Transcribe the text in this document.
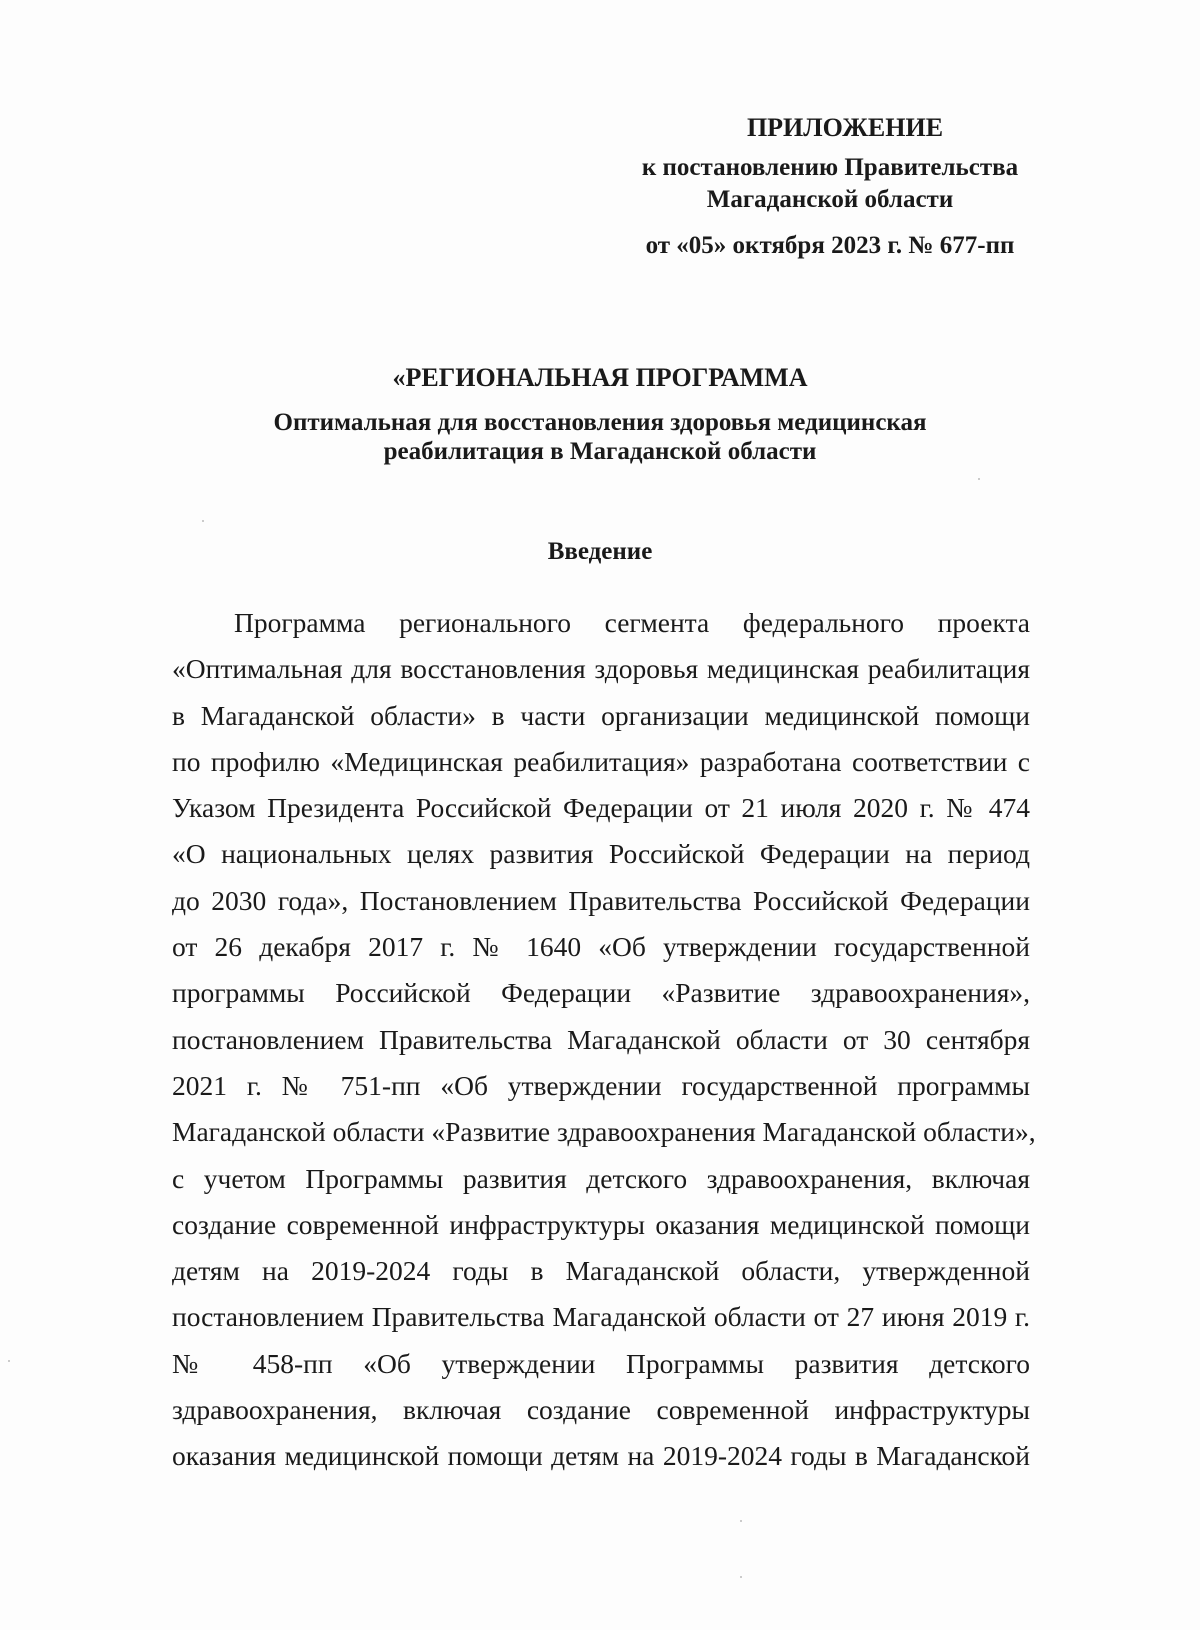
ПРИЛОЖЕНИЕ
к постановлению Правительства
Магаданской области
от «05» октября 2023 г. № 677-пп
«РЕГИОНАЛЬНАЯ ПРОГРАММА
Оптимальная для восстановления здоровья медицинская
реабилитация в Магаданской области
Введение
Программа регионального сегмента федерального проекта
«Оптимальная для восстановления здоровья медицинская реабилитация
в Магаданской области» в части организации медицинской помощи
по профилю «Медицинская реабилитация» разработана соответствии с
Указом Президента Российской Федерации от 21 июля 2020 г. № 474
«О национальных целях развития Российской Федерации на период
до 2030 года», Постановлением Правительства Российской Федерации
от 26 декабря 2017 г. № 1640 «Об утверждении государственной
программы Российской Федерации «Развитие здравоохранения»,
постановлением Правительства Магаданской области от 30 сентября
2021 г. № 751-пп «Об утверждении государственной программы
Магаданской области «Развитие здравоохранения Магаданской области»,
с учетом Программы развития детского здравоохранения, включая
создание современной инфраструктуры оказания медицинской помощи
детям на 2019-2024 годы в Магаданской области, утвержденной
постановлением Правительства Магаданской области от 27 июня 2019 г.
№ 458-пп «Об утверждении Программы развития детского
здравоохранения, включая создание современной инфраструктуры
оказания медицинской помощи детям на 2019-2024 годы в Магаданской
